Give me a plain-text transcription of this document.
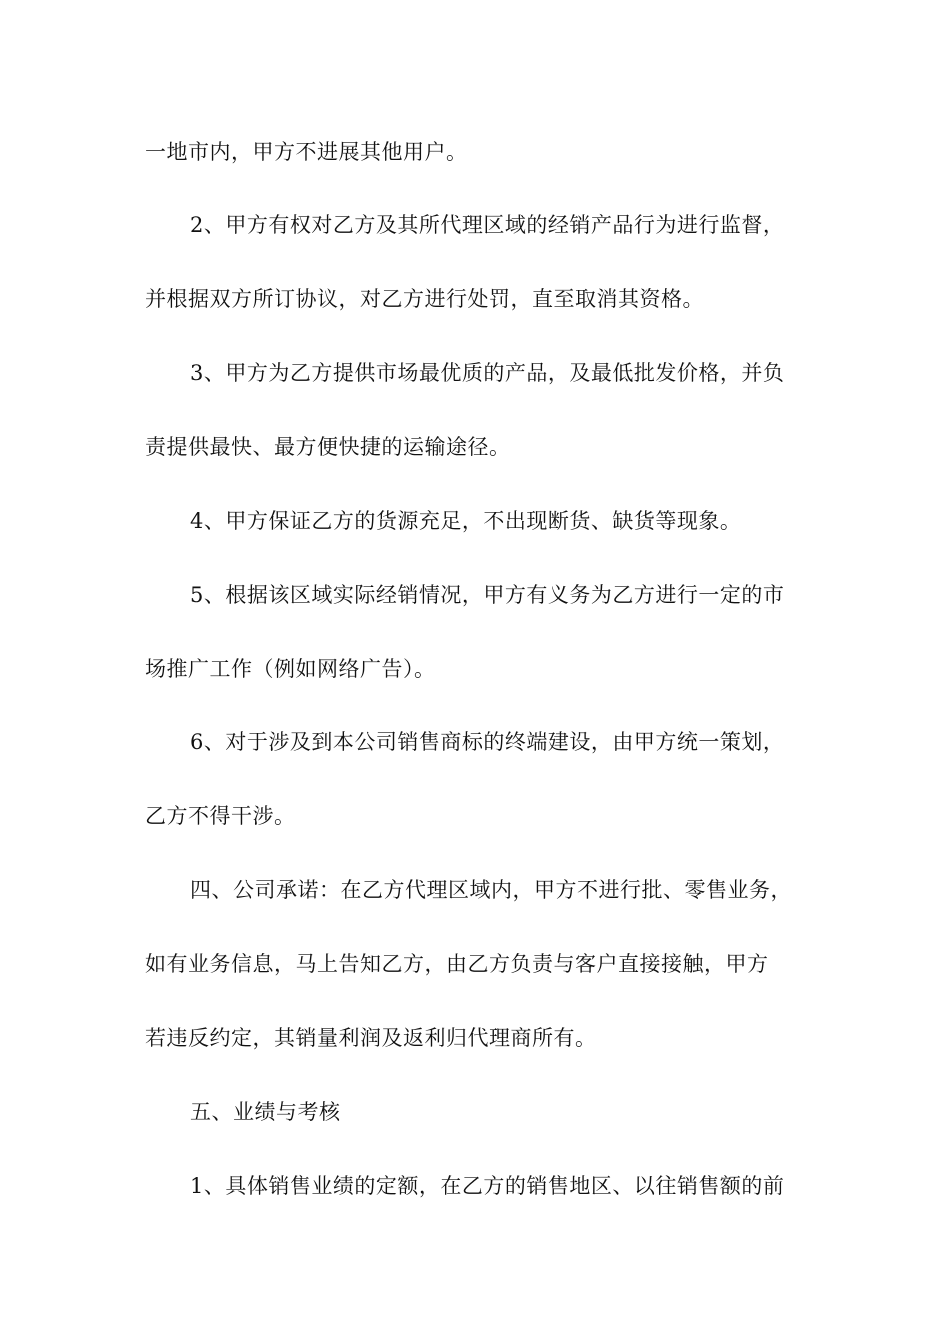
一地市内，甲方不进展其他用户。
2、甲方有权对乙方及其所代理区域的经销产品行为进行监督，
并根据双方所订协议，对乙方进行处罚，直至取消其资格。
3、甲方为乙方提供市场最优质的产品，及最低批发价格，并负
责提供最快、最方便快捷的运输途径。
4、甲方保证乙方的货源充足，不出现断货、缺货等现象。
5、根据该区域实际经销情况，甲方有义务为乙方进行一定的市
场推广工作（例如网络广告）。
6、对于涉及到本公司销售商标的终端建设，由甲方统一策划，
乙方不得干涉。
四、公司承诺：在乙方代理区域内，甲方不进行批、零售业务，
如有业务信息，马上告知乙方，由乙方负责与客户直接接触，甲方
若违反约定，其销量利润及返利归代理商所有。
五、业绩与考核
1、具体销售业绩的定额，在乙方的销售地区、以往销售额的前
